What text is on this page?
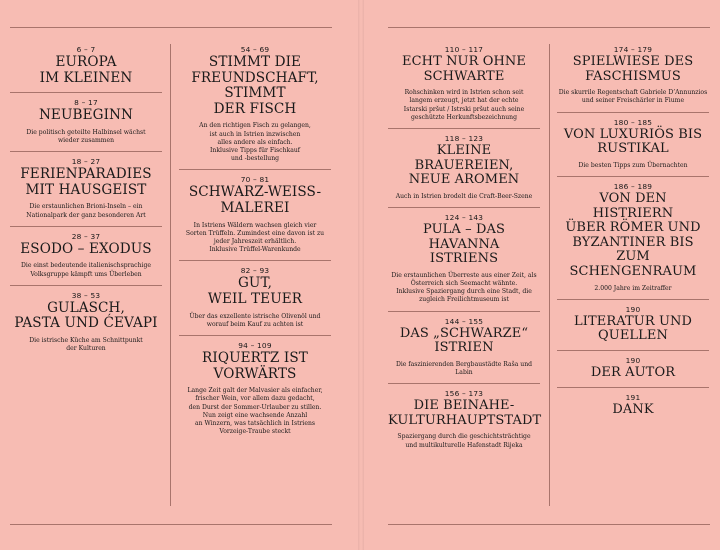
6 – 7
EUROPA
IM KLEINEN
8 – 17
NEUBEGINN
Die politisch geteilte Halbinsel wächst
wieder zusammen
18 – 27
FERIENPARADIES
MIT HAUSGEIST
Die erstaunlichen Brioni-Inseln – ein
Nationalpark der ganz besonderen Art
28 – 37
ESODO – EXODUS
Die einst bedeutende italienischsprachige
Volksgruppe kämpft ums Überleben
38 – 53
GULASCH,
PASTA UND ĆEVAPI
Die istrische Küche am Schnittpunkt
der Kulturen
54 – 69
STIMMT DIE
FREUNDSCHAFT,
STIMMT
DER FISCH
An den richtigen Fisch zu gelangen,
ist auch in Istrien inzwischen
alles andere als einfach.
Inklusive Tipps für Fischkauf
und -bestellung
70 – 81
SCHWARZ-WEISS-
MALEREI
In Istriens Wäldern wachsen gleich vier
Sorten Trüffeln. Zumindest eine davon ist zu
jeder Jahreszeit erhältlich.
Inklusive Trüffel-Warenkunde
82 – 93
GUT,
WEIL TEUER
Über das exzellente istrische Olivenöl und
worauf beim Kauf zu achten ist
94 – 109
RIQUERTZ IST
VORWÄRTS
Lange Zeit galt der Malvasier als einfacher,
frischer Wein, vor allem dazu gedacht,
den Durst der Sommer-Urlauber zu stillen.
Nun zeigt eine wachsende Anzahl
an Winzern, was tatsächlich in Istriens
Vorzeige-Traube steckt
110 – 117
ECHT NUR OHNE
SCHWARTE
Rohschinken wird in Istrien schon seit
langem erzeugt, jetzt hat der echte
Istarski pršut / Istrski pršut auch seine
geschützte Herkunftsbezeichnung
118 – 123
KLEINE BRAUEREIEN,
NEUE AROMEN
Auch in Istrien brodelt die Craft-Beer-Szene
124 – 143
PULA – DAS HAVANNA
ISTRIENS
Die erstaunlichen Überreste aus einer Zeit, als
Österreich sich Seemacht wähnte.
Inklusive Spaziergang durch eine Stadt, die
zugleich Freilichtmuseum ist
144 – 155
DAS „SCHWARZE“
ISTRIEN
Die faszinierenden Bergbaustädte Raša und Labin
156 – 173
DIE BEINAHE-
KULTURHAUPTSTADT
Spaziergang durch die geschichtsträchtige
und multikulturelle Hafenstadt Rijeka
174 – 179
SPIELWIESE DES
FASCHISMUS
Die skurrile Regentschaft Gabriele D’Annunzios
und seiner Freischärler in Fiume
180 – 185
VON LUXURIÖS BIS
RUSTIKAL
Die besten Tipps zum Übernachten
186 – 189
VON DEN HISTRIERN
ÜBER RÖMER UND
BYZANTINER BIS ZUM
SCHENGENRAUM
2.000 Jahre im Zeitraffer
190
LITERATUR UND
QUELLEN
190
DER AUTOR
191
DANK
